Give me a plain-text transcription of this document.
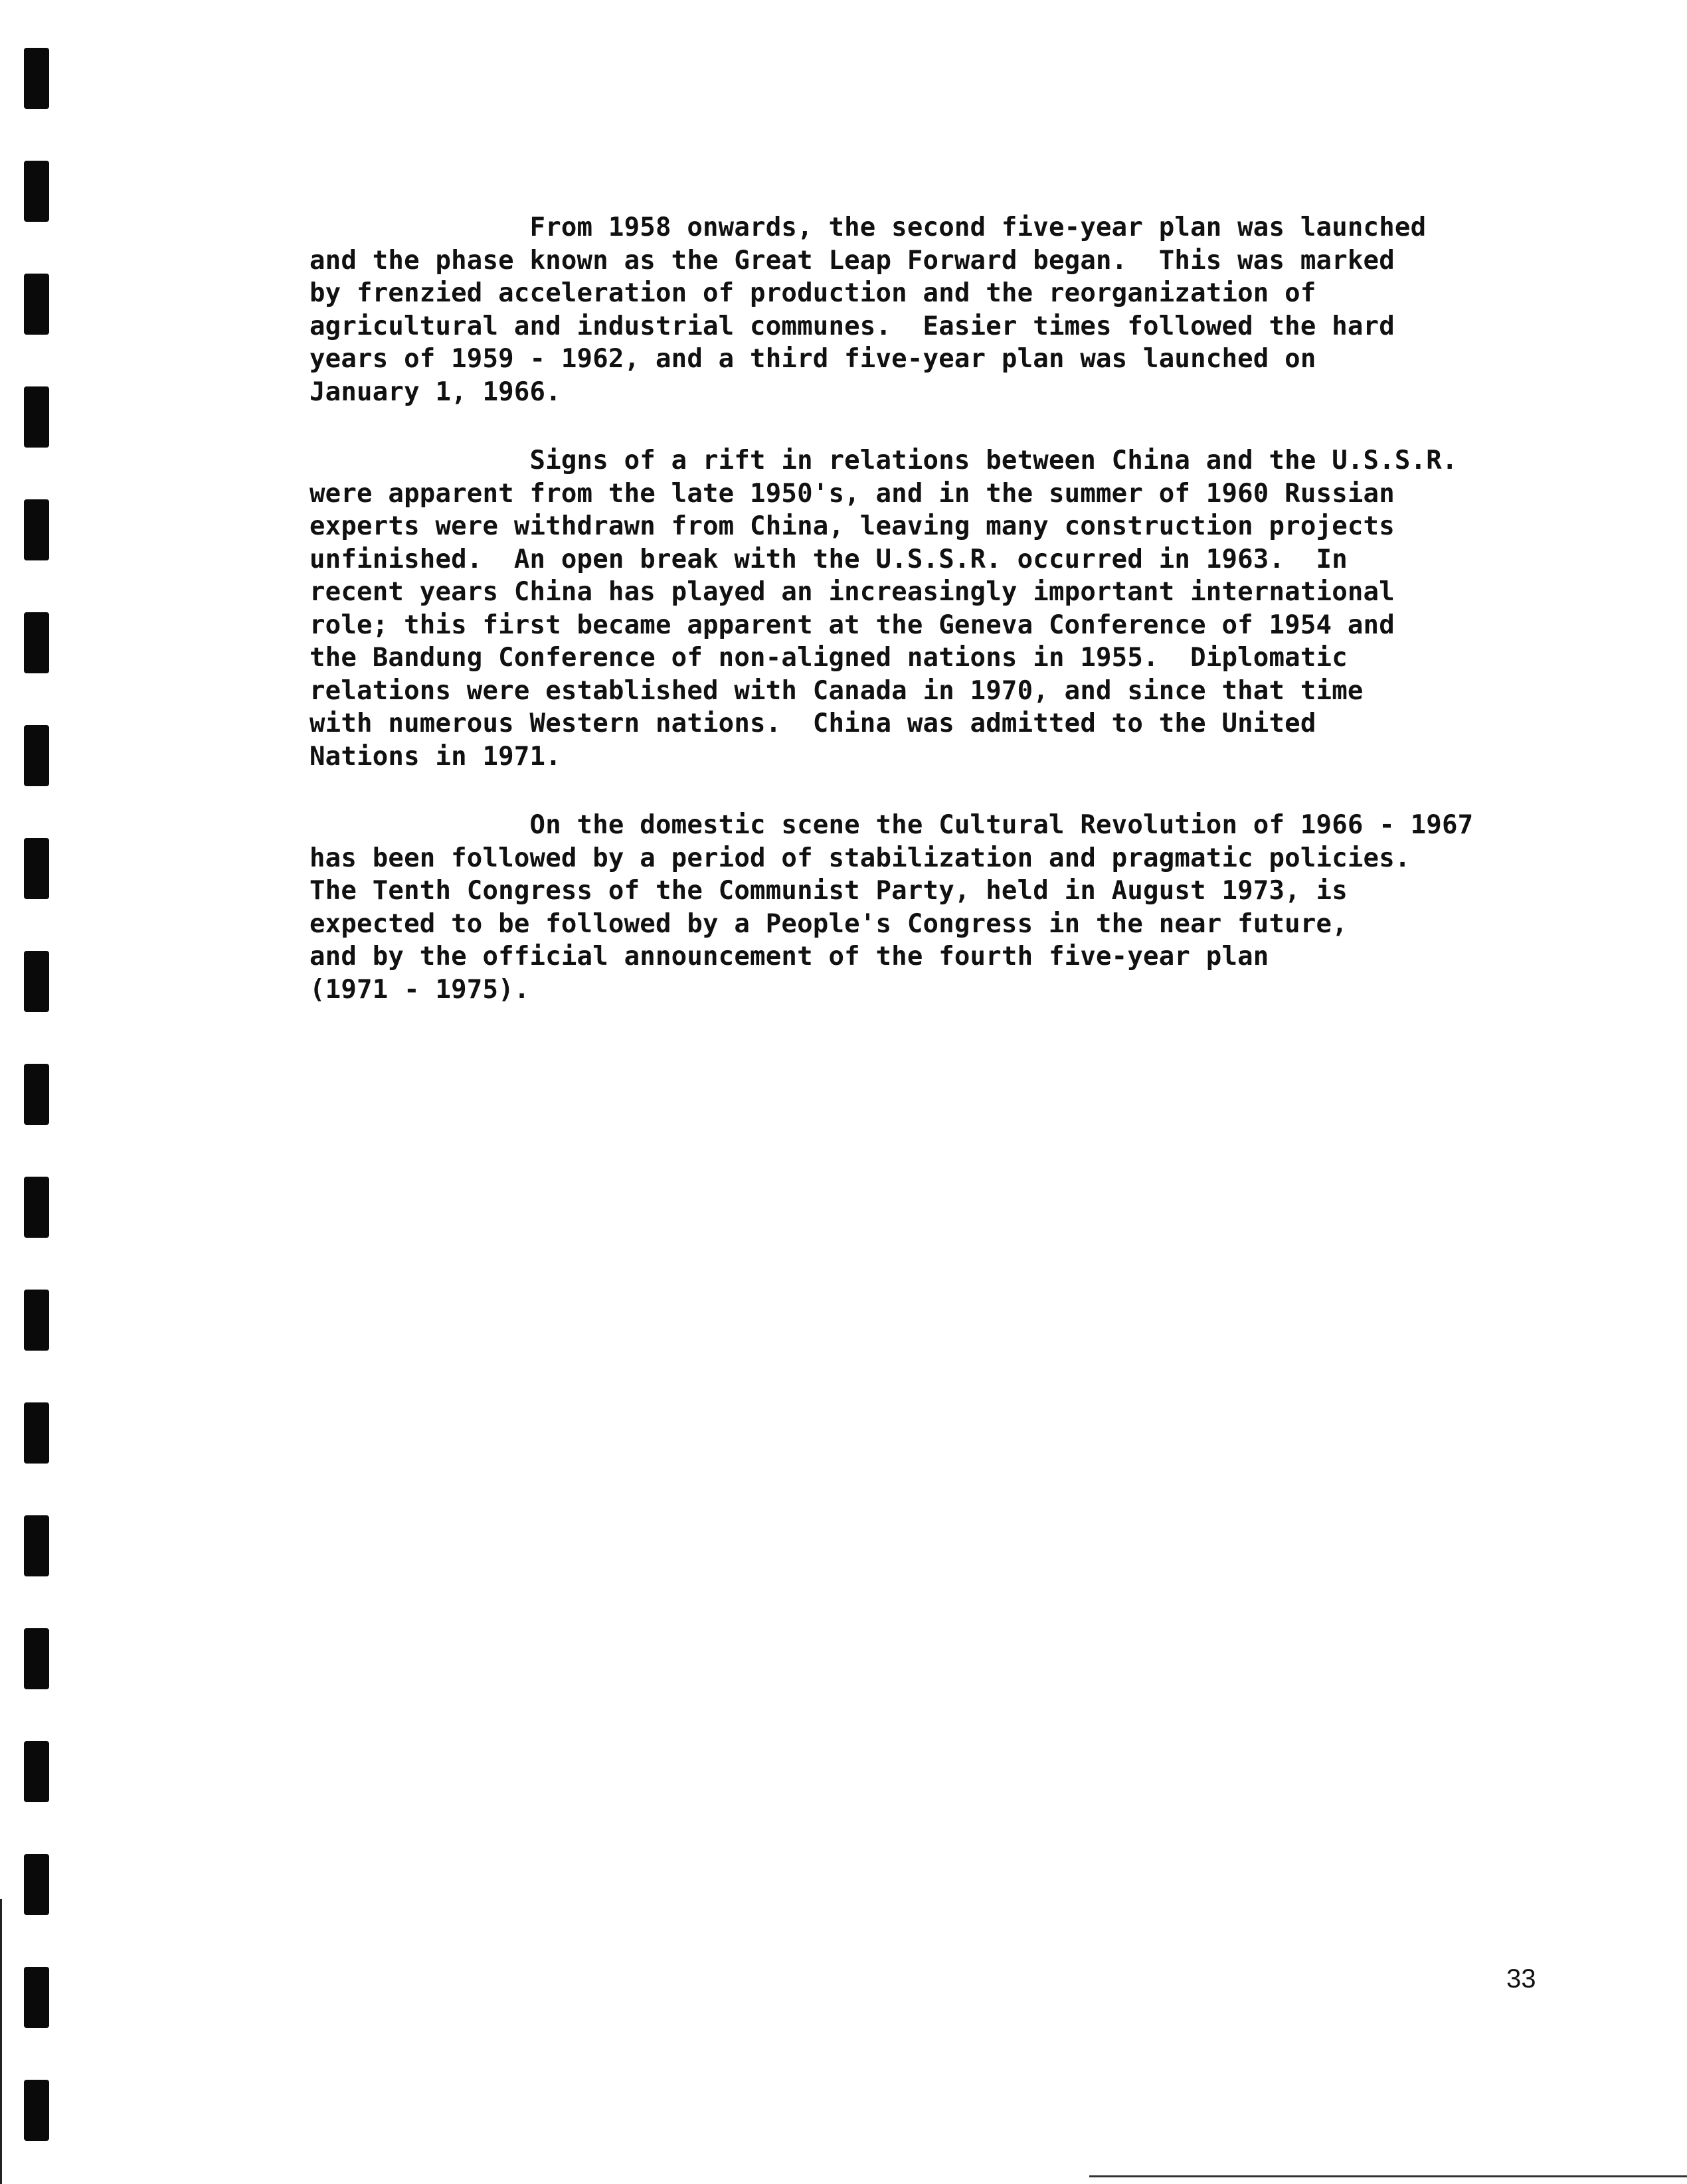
From 1958 onwards, the second five-year plan was launched
and the phase known as the Great Leap Forward began.  This was marked
by frenzied acceleration of production and the reorganization of
agricultural and industrial communes.  Easier times followed the hard
years of 1959 - 1962, and a third five-year plan was launched on
January 1, 1966.

Signs of a rift in relations between China and the U.S.S.R.
were apparent from the late 1950's, and in the summer of 1960 Russian
experts were withdrawn from China, leaving many construction projects
unfinished.  An open break with the U.S.S.R. occurred in 1963.  In
recent years China has played an increasingly important international
role; this first became apparent at the Geneva Conference of 1954 and
the Bandung Conference of non-aligned nations in 1955.  Diplomatic
relations were established with Canada in 1970, and since that time
with numerous Western nations.  China was admitted to the United
Nations in 1971.

On the domestic scene the Cultural Revolution of 1966 - 1967
has been followed by a period of stabilization and pragmatic policies.
The Tenth Congress of the Communist Party, held in August 1973, is
expected to be followed by a People's Congress in the near future,
and by the official announcement of the fourth five-year plan
(1971 - 1975).

33
